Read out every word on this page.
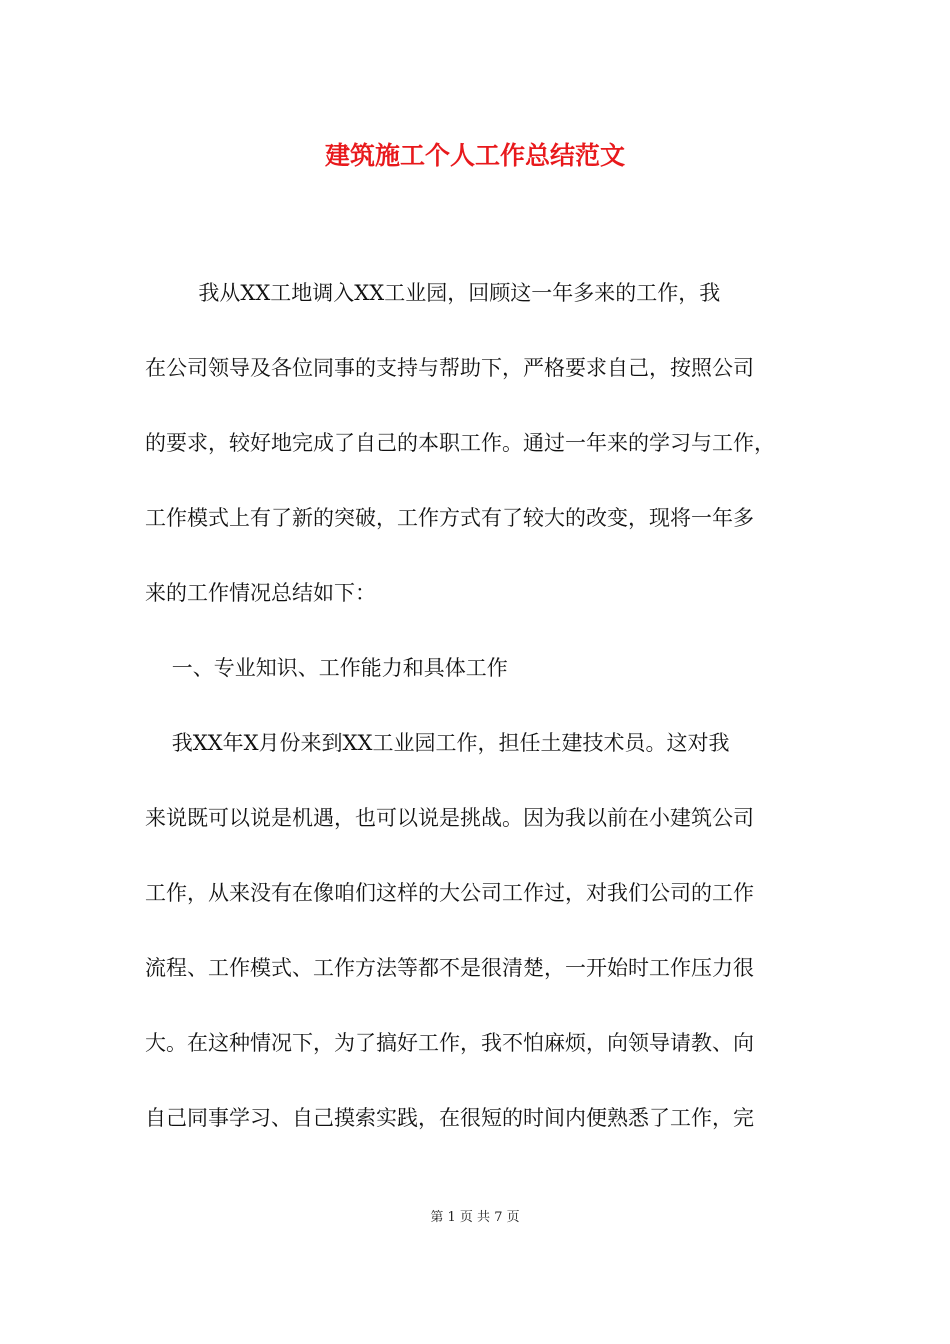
建筑施工个人工作总结范文
我从XX工地调入XX工业园，回顾这一年多来的工作，我
在公司领导及各位同事的支持与帮助下，严格要求自己，按照公司
的要求，较好地完成了自己的本职工作。通过一年来的学习与工作，
工作模式上有了新的突破，工作方式有了较大的改变，现将一年多
来的工作情况总结如下：
一、专业知识、工作能力和具体工作
我XX年X月份来到XX工业园工作，担任土建技术员。这对我
来说既可以说是机遇，也可以说是挑战。因为我以前在小建筑公司
工作，从来没有在像咱们这样的大公司工作过，对我们公司的工作
流程、工作模式、工作方法等都不是很清楚，一开始时工作压力很
大。在这种情况下，为了搞好工作，我不怕麻烦，向领导请教、向
自己同事学习、自己摸索实践，在很短的时间内便熟悉了工作，完
第 1 页 共 7 页
